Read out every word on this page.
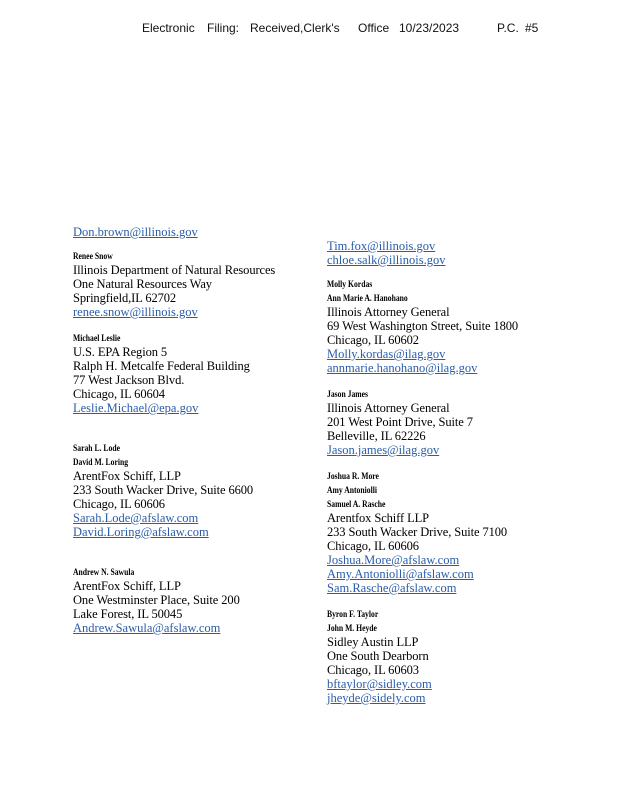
Electronic Filing: Received,Clerk's Office 10/23/2023	P.C. #5
Don.brown@illinois.gov
Renee Snow
Illinois Department of Natural Resources
One Natural Resources Way
Springfield,IL 62702
renee.snow@illinois.gov
Michael Leslie
U.S. EPA Region 5
Ralph H. Metcalfe Federal Building
77 West Jackson Blvd.
Chicago, IL 60604
Leslie.Michael@epa.gov
Sarah L. Lode
David M. Loring
ArentFox Schiff, LLP
233 South Wacker Drive, Suite 6600
Chicago, IL 60606
Sarah.Lode@afslaw.com
David.Loring@afslaw.com
Andrew N. Sawula
ArentFox Schiff, LLP
One Westminster Place, Suite 200
Lake Forest, IL 50045
Andrew.Sawula@afslaw.com
Tim.fox@illinois.gov
chloe.salk@illinois.gov
Molly Kordas
Ann Marie A. Hanohano
Illinois Attorney General
69 West Washington Street, Suite 1800
Chicago, IL 60602
Molly.kordas@ilag.gov
annmarie.hanohano@ilag.gov
Jason James
Illinois Attorney General
201 West Point Drive, Suite 7
Belleville, IL 62226
Jason.james@ilag.gov
Joshua R. More
Amy Antoniolli
Samuel A. Rasche
Arentfox Schiff LLP
233 South Wacker Drive, Suite 7100
Chicago, IL 60606
Joshua.More@afslaw.com
Amy.Antoniolli@afslaw.com
Sam.Rasche@afslaw.com
Byron F. Taylor
John M. Heyde
Sidley Austin LLP
One South Dearborn
Chicago, IL 60603
bftaylor@sidley.com
jheyde@sidely.com
